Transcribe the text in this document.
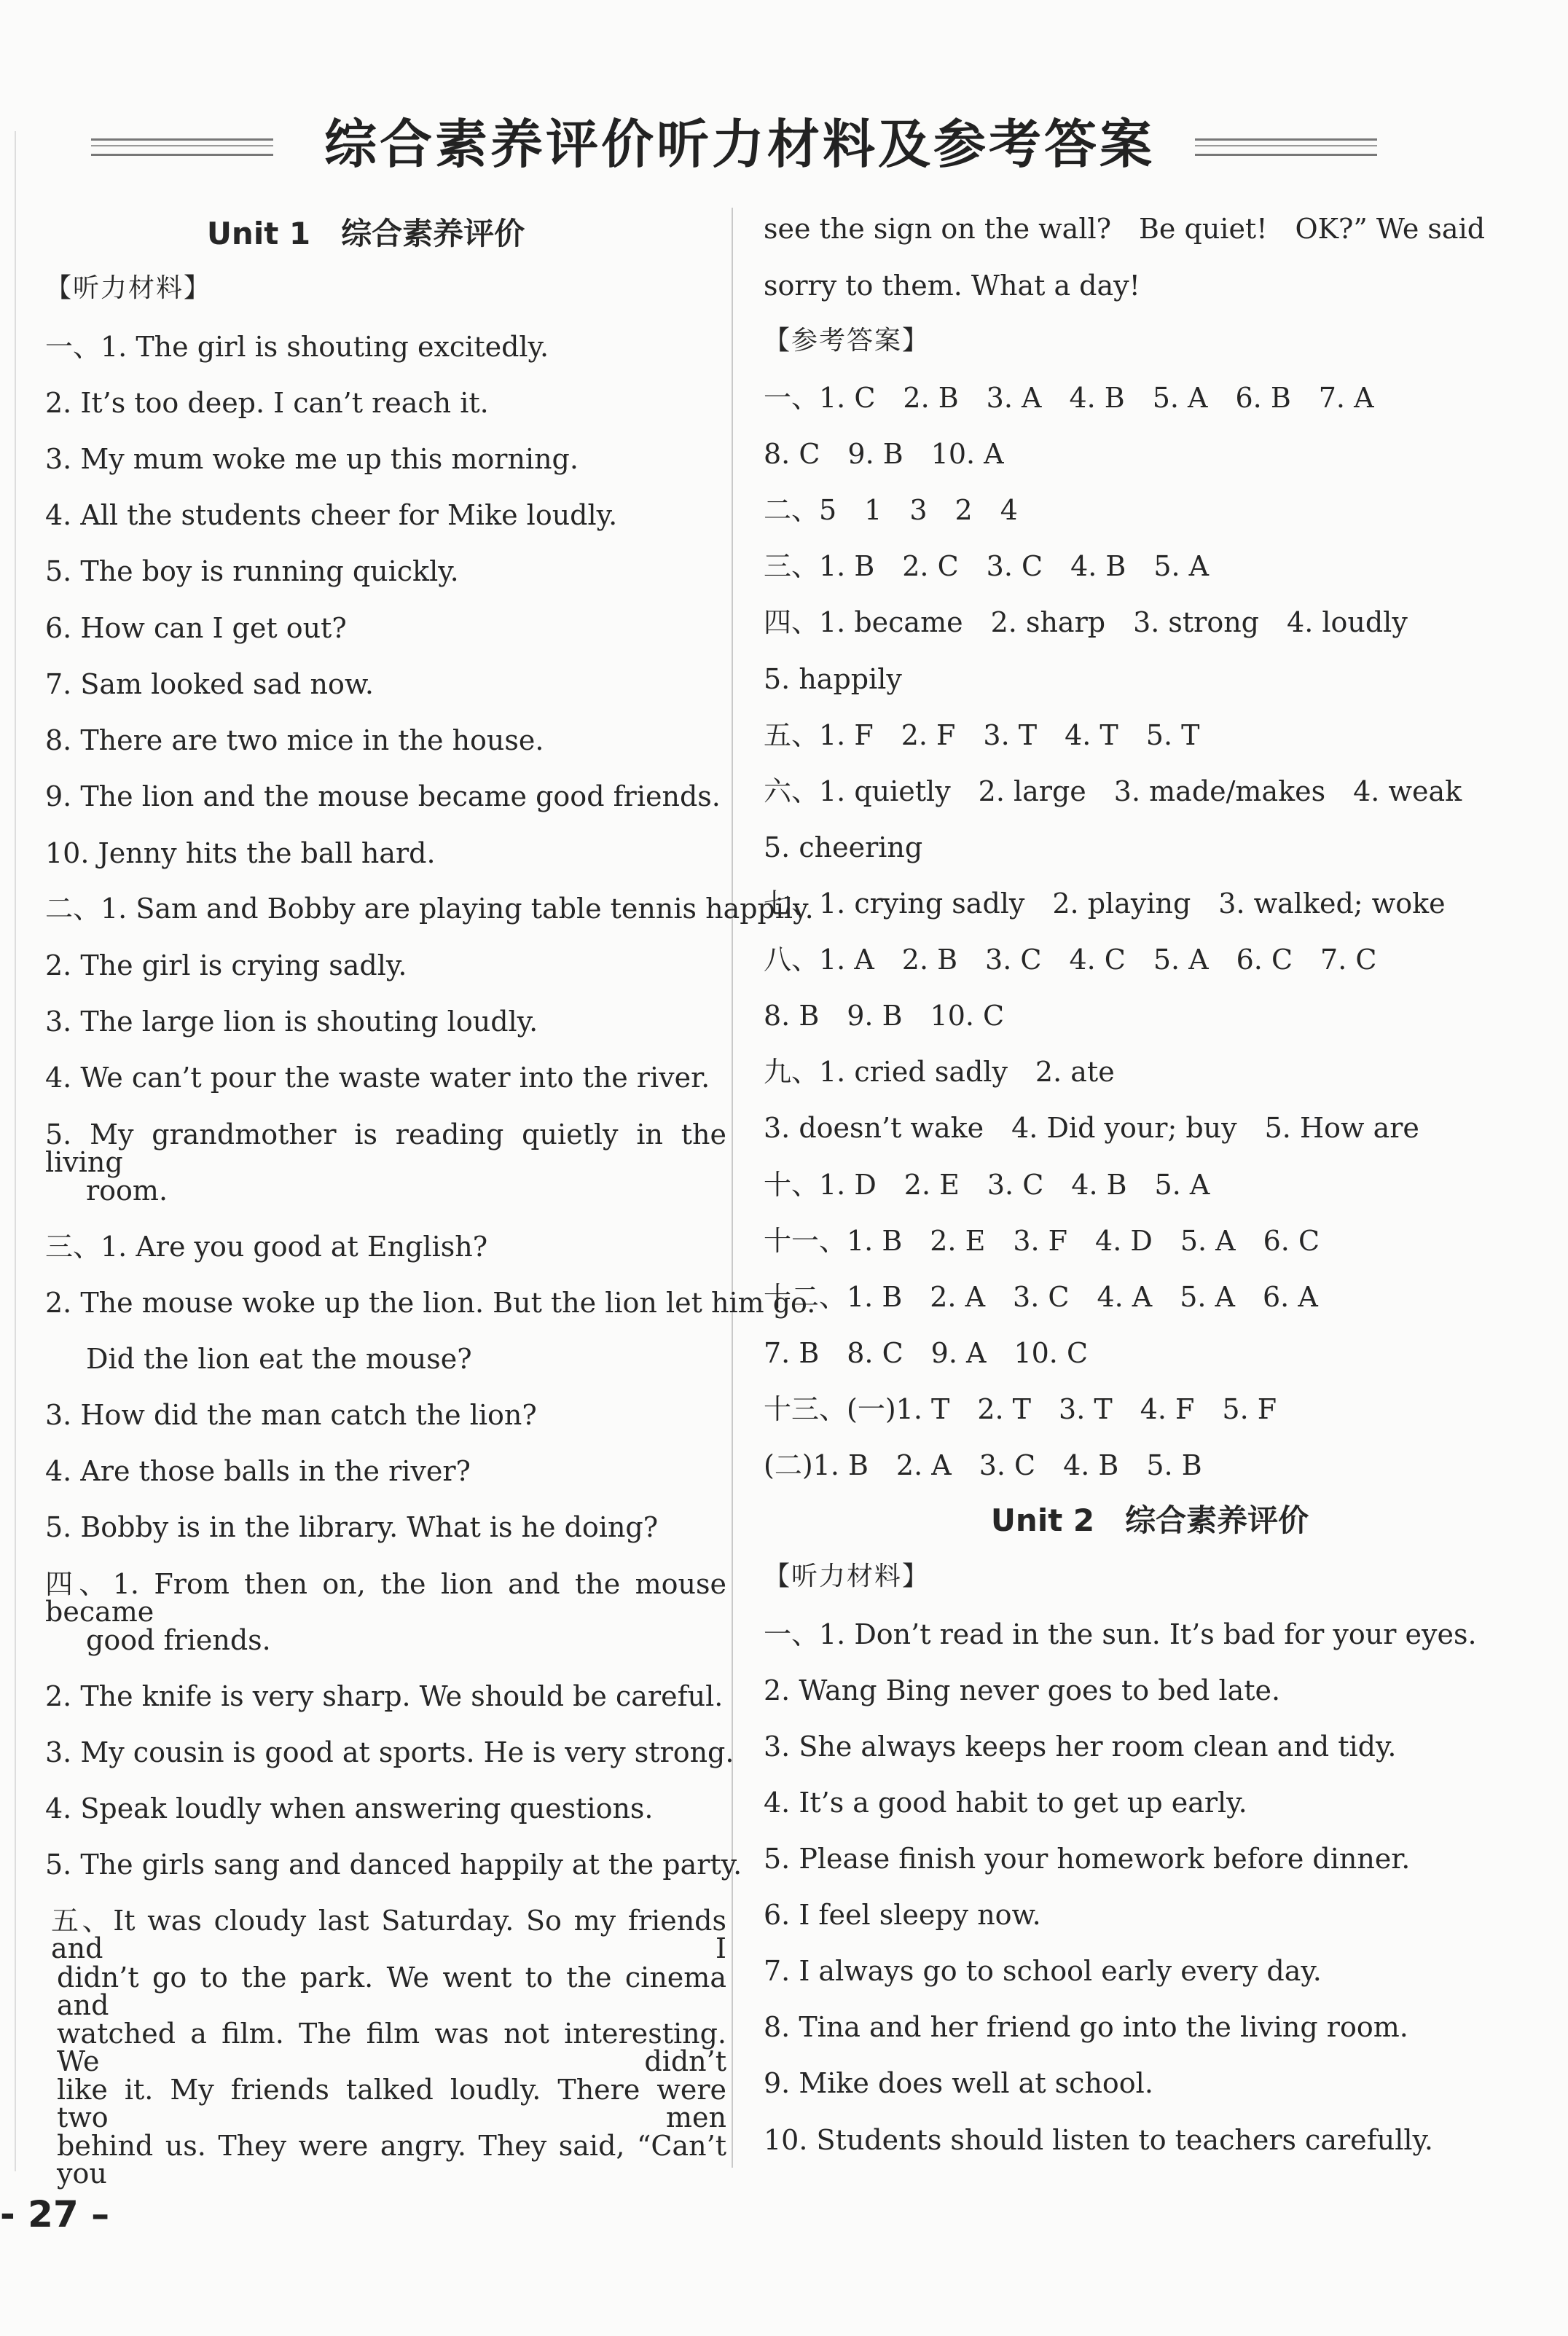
综合素养评价听力材料及参考答案
Unit 1　综合素养评价
【听力材料】
一、1. The girl is shouting excitedly.
2. It’s too deep. I can’t reach it.
3. My mum woke me up this morning.
4. All the students cheer for Mike loudly.
5. The boy is running quickly.
6. How can I get out?
7. Sam looked sad now.
8. There are two mice in the house.
9. The lion and the mouse became good friends.
10. Jenny hits the ball hard.
二、1. Sam and Bobby are playing table tennis happily.
2. The girl is crying sadly.
3. The large lion is shouting loudly.
4. We can’t pour the waste water into the river.
5. My grandmother is reading quietly in the living
room.
三、1. Are you good at English?
2. The mouse woke up the lion. But the lion let him go.
Did the lion eat the mouse?
3. How did the man catch the lion?
4. Are those balls in the river?
5. Bobby is in the library. What is he doing?
四、1. From then on, the lion and the mouse became
good friends.
2. The knife is very sharp. We should be careful.
3. My cousin is good at sports. He is very strong.
4. Speak loudly when answering questions.
5. The girls sang and danced happily at the party.
五、It was cloudy last Saturday. So my friends and I
didn’t go to the park. We went to the cinema and
watched a film. The film was not interesting. We didn’t
like it. My friends talked loudly. There were two men
behind us. They were angry. They said, “Can’t you
see the sign on the wall?　Be quiet!　OK?” We said
sorry to them. What a day!
【参考答案】
一、1. C　2. B　3. A　4. B　5. A　6. B　7. A
8. C　9. B　10. A
二、5　1　3　2　4
三、1. B　2. C　3. C　4. B　5. A
四、1. became　2. sharp　3. strong　4. loudly
5. happily
五、1. F　2. F　3. T　4. T　5. T
六、1. quietly　2. large　3. made/makes　4. weak
5. cheering
七、1. crying sadly　2. playing　3. walked; woke
八、1. A　2. B　3. C　4. C　5. A　6. C　7. C
8. B　9. B　10. C
九、1. cried sadly　2. ate
3. doesn’t wake　4. Did your; buy　5. How are
十、1. D　2. E　3. C　4. B　5. A
十一、1. B　2. E　3. F　4. D　5. A　6. C
十二、1. B　2. A　3. C　4. A　5. A　6. A
7. B　8. C　9. A　10. C
十三、(一)1. T　2. T　3. T　4. F　5. F
(二)1. B　2. A　3. C　4. B　5. B
Unit 2　综合素养评价
【听力材料】
一、1. Don’t read in the sun. It’s bad for your eyes.
2. Wang Bing never goes to bed late.
3. She always keeps her room clean and tidy.
4. It’s a good habit to get up early.
5. Please finish your homework before dinner.
6. I feel sleepy now.
7. I always go to school early every day.
8. Tina and her friend go into the living room.
9. Mike does well at school.
10. Students should listen to teachers carefully.
- 27 –
